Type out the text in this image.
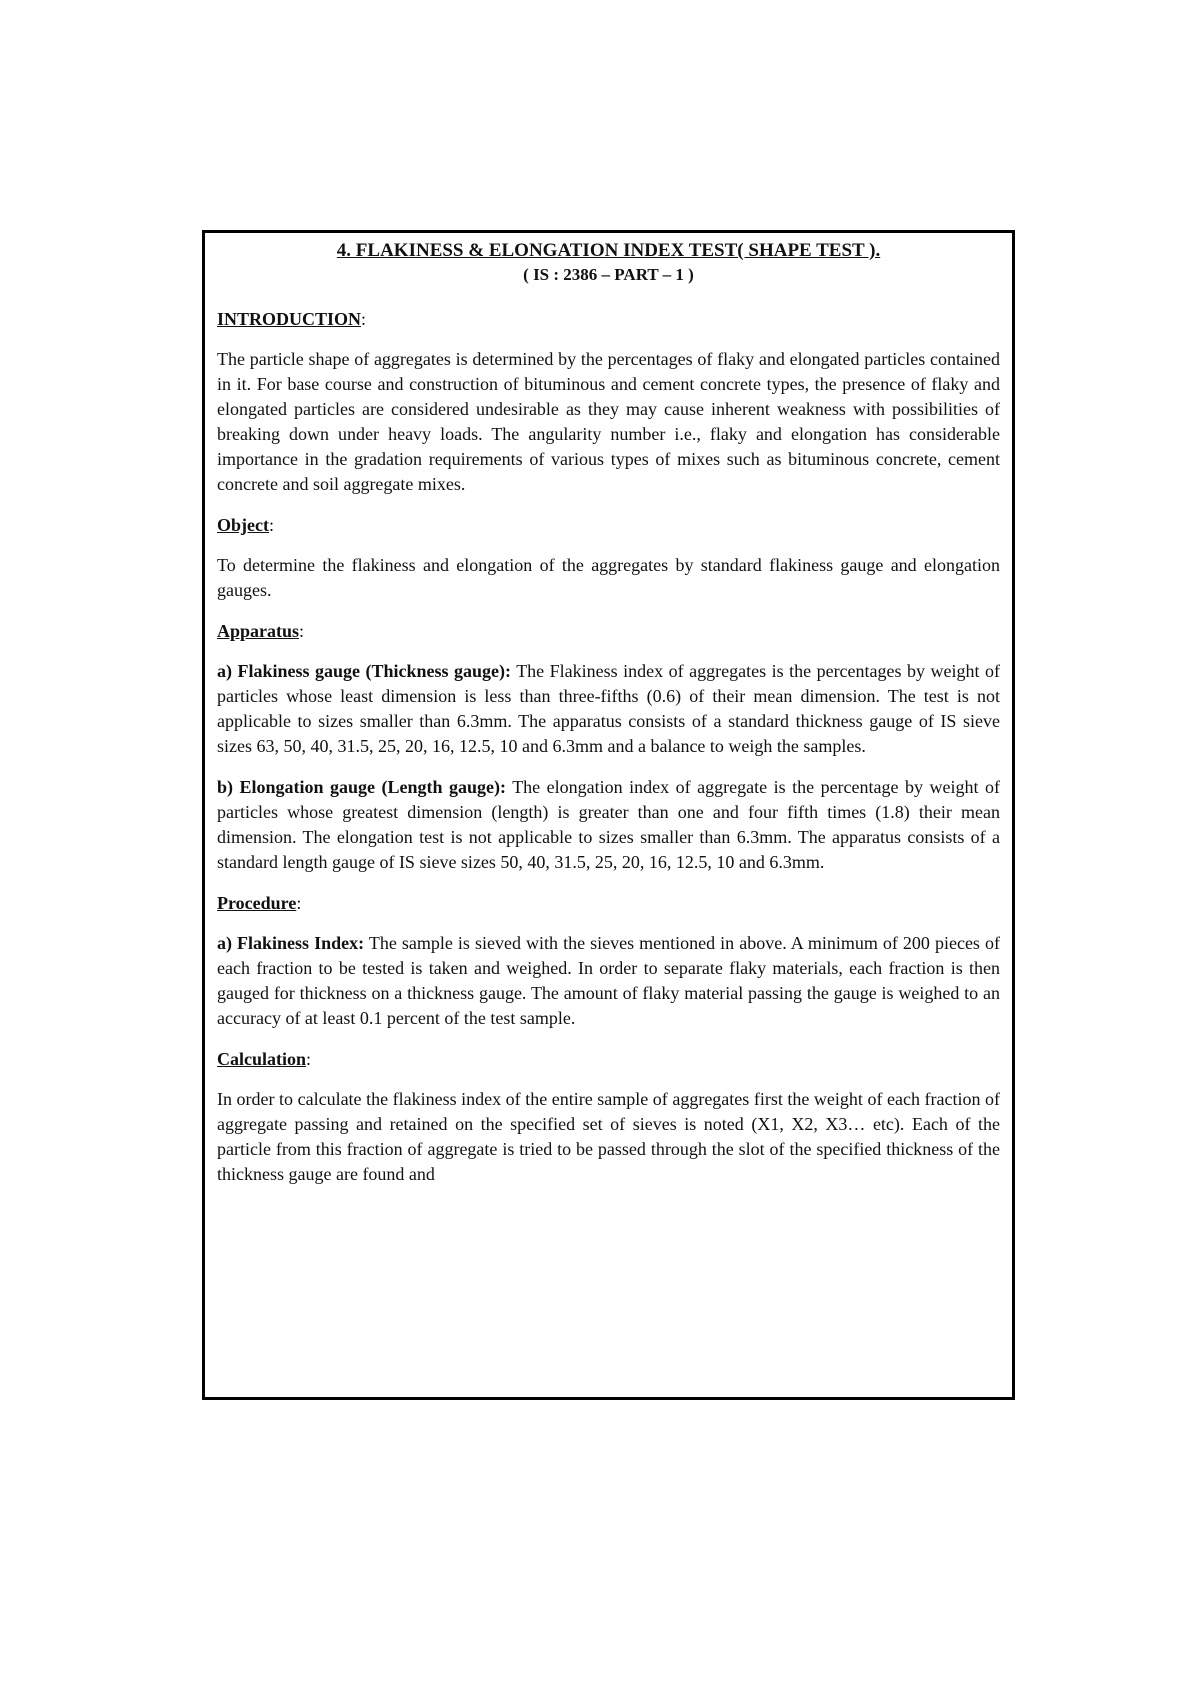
4. FLAKINESS & ELONGATION INDEX TEST( SHAPE TEST ).
( IS : 2386 – PART – 1 )
INTRODUCTION:

The particle shape of aggregates is determined by the percentages of flaky and elongated particles contained in it. For base course and construction of bituminous and cement concrete types, the presence of flaky and elongated particles are considered undesirable as they may cause inherent weakness with possibilities of breaking down under heavy loads. The angularity number i.e., flaky and elongation has considerable importance in the gradation requirements of various types of mixes such as bituminous concrete, cement concrete and soil aggregate mixes.

Object:

To determine the flakiness and elongation of the aggregates by standard flakiness gauge and elongation gauges.

Apparatus:

a) Flakiness gauge (Thickness gauge): The Flakiness index of aggregates is the percentages by weight of particles whose least dimension is less than three-fifths (0.6) of their mean dimension. The test is not applicable to sizes smaller than 6.3mm. The apparatus consists of a standard thickness gauge of IS sieve sizes 63, 50, 40, 31.5, 25, 20, 16, 12.5, 10 and 6.3mm and a balance to weigh the samples.

b) Elongation gauge (Length gauge): The elongation index of aggregate is the percentage by weight of particles whose greatest dimension (length) is greater than one and four fifth times (1.8) their mean dimension. The elongation test is not applicable to sizes smaller than 6.3mm. The apparatus consists of a standard length gauge of IS sieve sizes 50, 40, 31.5, 25, 20, 16, 12.5, 10 and 6.3mm.

Procedure:

a) Flakiness Index: The sample is sieved with the sieves mentioned in above. A minimum of 200 pieces of each fraction to be tested is taken and weighed. In order to separate flaky materials, each fraction is then gauged for thickness on a thickness gauge. The amount of flaky material passing the gauge is weighed to an accuracy of at least 0.1 percent of the test sample.

Calculation:

In order to calculate the flakiness index of the entire sample of aggregates first the weight of each fraction of aggregate passing and retained on the specified set of sieves is noted (X1, X2, X3… etc). Each of the particle from this fraction of aggregate is tried to be passed through the slot of the specified thickness of the thickness gauge are found and
